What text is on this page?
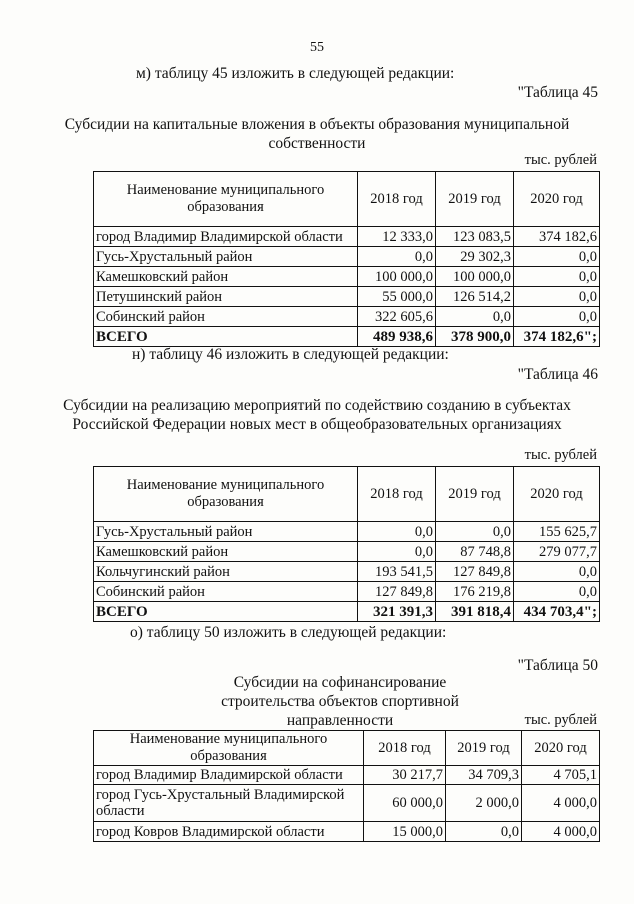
55
м) таблицу 45 изложить в следующей редакции:
"Таблица 45
Субсидии на капитальные вложения в объекты образования муниципальной собственности
тыс. рублей
Наименование муниципального образования	2018 год	2019 год	2020 год
город Владимир Владимирской области	12 333,0	123 083,5	374 182,6
Гусь-Хрустальный район	0,0	29 302,3	0,0
Камешковский район	100 000,0	100 000,0	0,0
Петушинский район	55 000,0	126 514,2	0,0
Собинский район	322 605,6	0,0	0,0
ВСЕГО	489 938,6	378 900,0	374 182,6";
н) таблицу 46 изложить в следующей редакции:
"Таблица 46
Субсидии на реализацию мероприятий по содействию созданию в субъектах Российской Федерации новых мест в общеобразовательных организациях
тыс. рублей
Наименование муниципального образования	2018 год	2019 год	2020 год
Гусь-Хрустальный район	0,0	0,0	155 625,7
Камешковский район	0,0	87 748,8	279 077,7
Кольчугинский район	193 541,5	127 849,8	0,0
Собинский район	127 849,8	176 219,8	0,0
ВСЕГО	321 391,3	391 818,4	434 703,4";
о) таблицу 50 изложить в следующей редакции:
"Таблица 50
Субсидии на софинансирование строительства объектов спортивной направленности	тыс. рублей
Наименование муниципального образования	2018 год	2019 год	2020 год
город Владимир Владимирской области	30 217,7	34 709,3	4 705,1
город Гусь-Хрустальный Владимирской области	60 000,0	2 000,0	4 000,0
город Ковров Владимирской области	15 000,0	0,0	4 000,0
